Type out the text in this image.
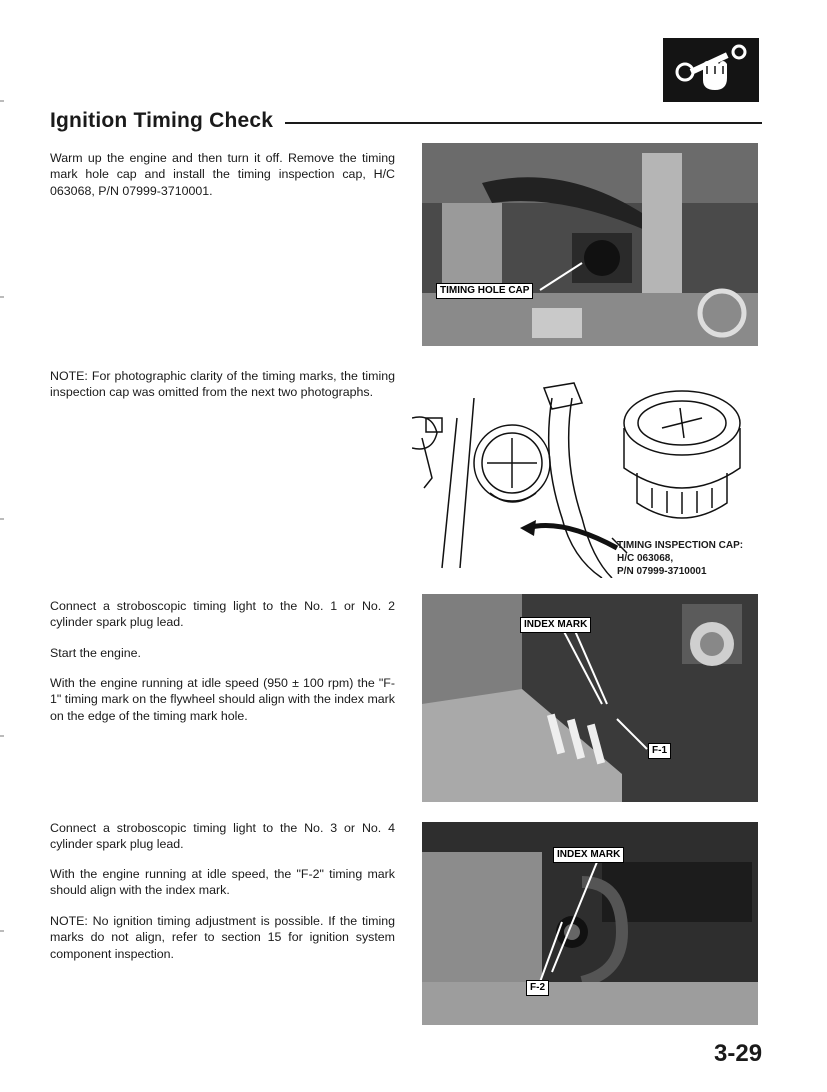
Ignition Timing Check

Warm up the engine and then turn it off. Remove the timing mark hole cap and install the timing inspection cap, H/C 063068, P/N 07999-3710001.

NOTE: For photographic clarity of the timing marks, the timing inspection cap was omitted from the next two photographs.

Connect a stroboscopic timing light to the No. 1 or No. 2 cylinder spark plug lead.

Start the engine.

With the engine running at idle speed (950 ± 100 rpm) the "F-1" timing mark on the flywheel should align with the index mark on the edge of the timing mark hole.

Connect a stroboscopic timing light to the No. 3 or No. 4 cylinder spark plug lead.

With the engine running at idle speed, the "F-2" timing mark should align with the index mark.

NOTE: No ignition timing adjustment is possible. If the timing marks do not align, refer to section 15 for ignition system component inspection.

TIMING HOLE CAP
TIMING INSPECTION CAP:
H/C 063068,
P/N 07999-3710001
INDEX MARK
F-1
INDEX MARK
F-2
3-29
